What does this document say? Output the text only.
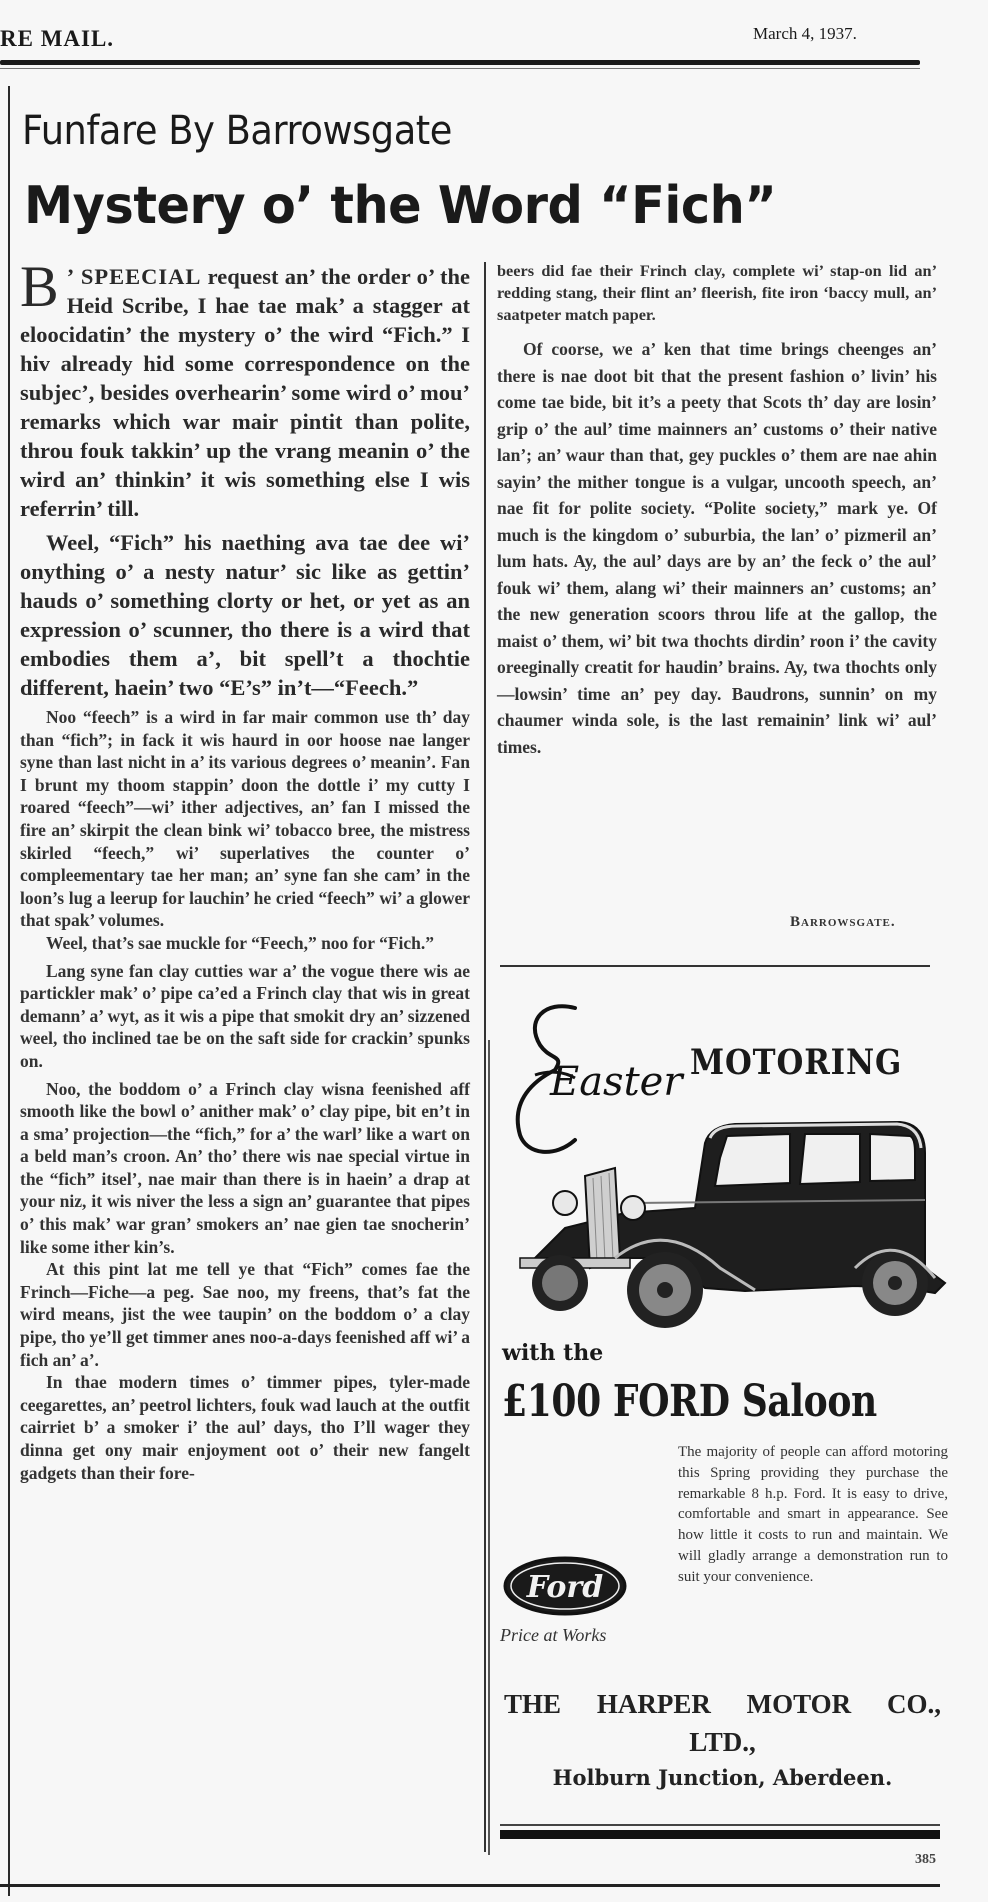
RE MAIL.	March 4, 1937.
Funfare By Barrowsgate
Mystery o’ the Word “Fich”

B ’ SPEECIAL request an’ the order o’ the Heid Scribe, I hae tae mak’ a stagger at eloocidatin’ the mystery o’ the wird “Fich.” I hiv already hid some correspondence on the subjec’, besides overhearin’ some wird o’ mou’ remarks which war mair pintit than polite, throu fouk takkin’ up the vrang meanin o’ the wird an’ thinkin’ it wis something else I wis referrin’ till.

Weel, “Fich” his naething ava tae dee wi’ onything o’ a nesty natur’ sic like as gettin’ hauds o’ something clorty or het, or yet as an expression o’ scunner, tho there is a wird that embodies them a’, bit spell’t a thochtie different, haein’ two “E’s” in’t—“Feech.”

Noo “feech” is a wird in far mair common use th’ day than “fich”; in fack it wis haurd in oor hoose nae langer syne than last nicht in a’ its various degrees o’ meanin’. Fan I brunt my thoom stappin’ doon the dottle i’ my cutty I roared “feech”—wi’ ither adjectives, an’ fan I missed the fire an’ skirpit the clean bink wi’ tobacco bree, the mistress skirled “feech,” wi’ superlatives the counter o’ compleementary tae her man; an’ syne fan she cam’ in the loon’s lug a leerup for lauchin’ he cried “feech” wi’ a glower that spak’ volumes.

Weel, that’s sae muckle for “Feech,” noo for “Fich.”

Lang syne fan clay cutties war a’ the vogue there wis ae partickler mak’ o’ pipe ca’ed a Frinch clay that wis in great demann’ a’ wyt, as it wis a pipe that smokit dry an’ sizzened weel, tho inclined tae be on the saft side for crackin’ spunks on.

Noo, the boddom o’ a Frinch clay wisna feenished aff smooth like the bowl o’ anither mak’ o’ clay pipe, bit en’t in a sma’ projection—the “fich,” for a’ the warl’ like a wart on a beld man’s croon. An’ tho’ there wis nae special virtue in the “fich” itsel’, nae mair than there is in haein’ a drap at your niz, it wis niver the less a sign an’ guarantee that pipes o’ this mak’ war gran’ smokers an’ nae gien tae snocherin’ like some ither kin’s.

At this pint lat me tell ye that “Fich” comes fae the Frinch—Fiche—a peg. Sae noo, my freens, that’s fat the wird means, jist the wee taupin’ on the boddom o’ a clay pipe, tho ye’ll get timmer anes noo-a-days feenished aff wi’ a fich an’ a’.

In thae modern times o’ timmer pipes, tyler-made ceegarettes, an’ peetrol lichters, fouk wad lauch at the outfit cairriet b’ a smoker i’ the aul’ days, tho I’ll wager they dinna get ony mair enjoyment oot o’ their new fangelt gadgets than their fore-

beers did fae their Frinch clay, complete wi’ stap-on lid an’ redding stang, their flint an’ fleerish, fite iron ‘baccy mull, an’ saatpeter match paper.

Of coorse, we a’ ken that time brings cheenges an’ there is nae doot bit that the present fashion o’ livin’ his come tae bide, bit it’s a peety that Scots th’ day are losin’ grip o’ the aul’ time mainners an’ customs o’ their native lan’; an’ waur than that, gey puckles o’ them are nae ahin sayin’ the mither tongue is a vulgar, uncooth speech, an’ nae fit for polite society. “Polite society,” mark ye. Of much is the kingdom o’ suburbia, the lan’ o’ pizmeril an’ lum hats. Ay, the aul’ days are by an’ the feck o’ the aul’ fouk wi’ them, alang wi’ their mainners an’ customs; an’ the new generation scoors throu life at the gallop, the maist o’ them, wi’ bit twa thochts dirdin’ roon i’ the cavity oreeginally creatit for haudin’ brains. Ay, twa thochts only—lowsin’ time an’ pey day. Baudrons, sunnin’ on my chaumer winda sole, is the last remainin’ link wi’ aul’ times.

Barrowsgate.
Easter MOTORING
with the
£100 FORD Saloon
The majority of people can afford motoring this Spring providing they purchase the remarkable 8 h.p. Ford. It is easy to drive, comfortable and smart in appearance. See how little it costs to run and maintain. We will gladly arrange a demonstration run to suit your convenience.
Ford
Price at Works
THE HARPER MOTOR CO.,
LTD.,
Holburn Junction, Aberdeen.
385
